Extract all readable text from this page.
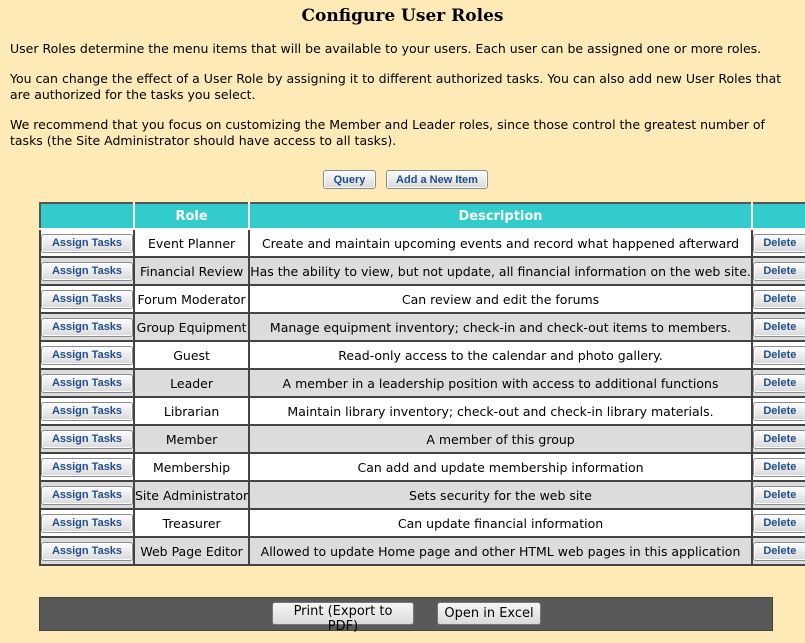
Configure User Roles

User Roles determine the menu items that will be available to your users. Each user can be assigned one or more roles.

You can change the effect of a User Role by assigning it to different authorized tasks. You can also add new User Roles that are authorized for the tasks you select.

We recommend that you focus on customizing the Member and Leader roles, since those control the greatest number of tasks (the Site Administrator should have access to all tasks).

Query	Add a New Item
	Role	Description	
Assign Tasks	Event Planner	Create and maintain upcoming events and record what happened afterward	Delete
Assign Tasks	Financial Review	Has the ability to view, but not update, all financial information on the web site.	Delete
Assign Tasks	Forum Moderator	Can review and edit the forums	Delete
Assign Tasks	Group Equipment	Manage equipment inventory; check-in and check-out items to members.	Delete
Assign Tasks	Guest	Read-only access to the calendar and photo gallery.	Delete
Assign Tasks	Leader	A member in a leadership position with access to additional functions	Delete
Assign Tasks	Librarian	Maintain library inventory; check-out and check-in library materials.	Delete
Assign Tasks	Member	A member of this group	Delete
Assign Tasks	Membership	Can add and update membership information	Delete
Assign Tasks	Site Administrator	Sets security for the web site	Delete
Assign Tasks	Treasurer	Can update financial information	Delete
Assign Tasks	Web Page Editor	Allowed to update Home page and other HTML web pages in this application	Delete
Print (Export to PDF)
Open in Excel
